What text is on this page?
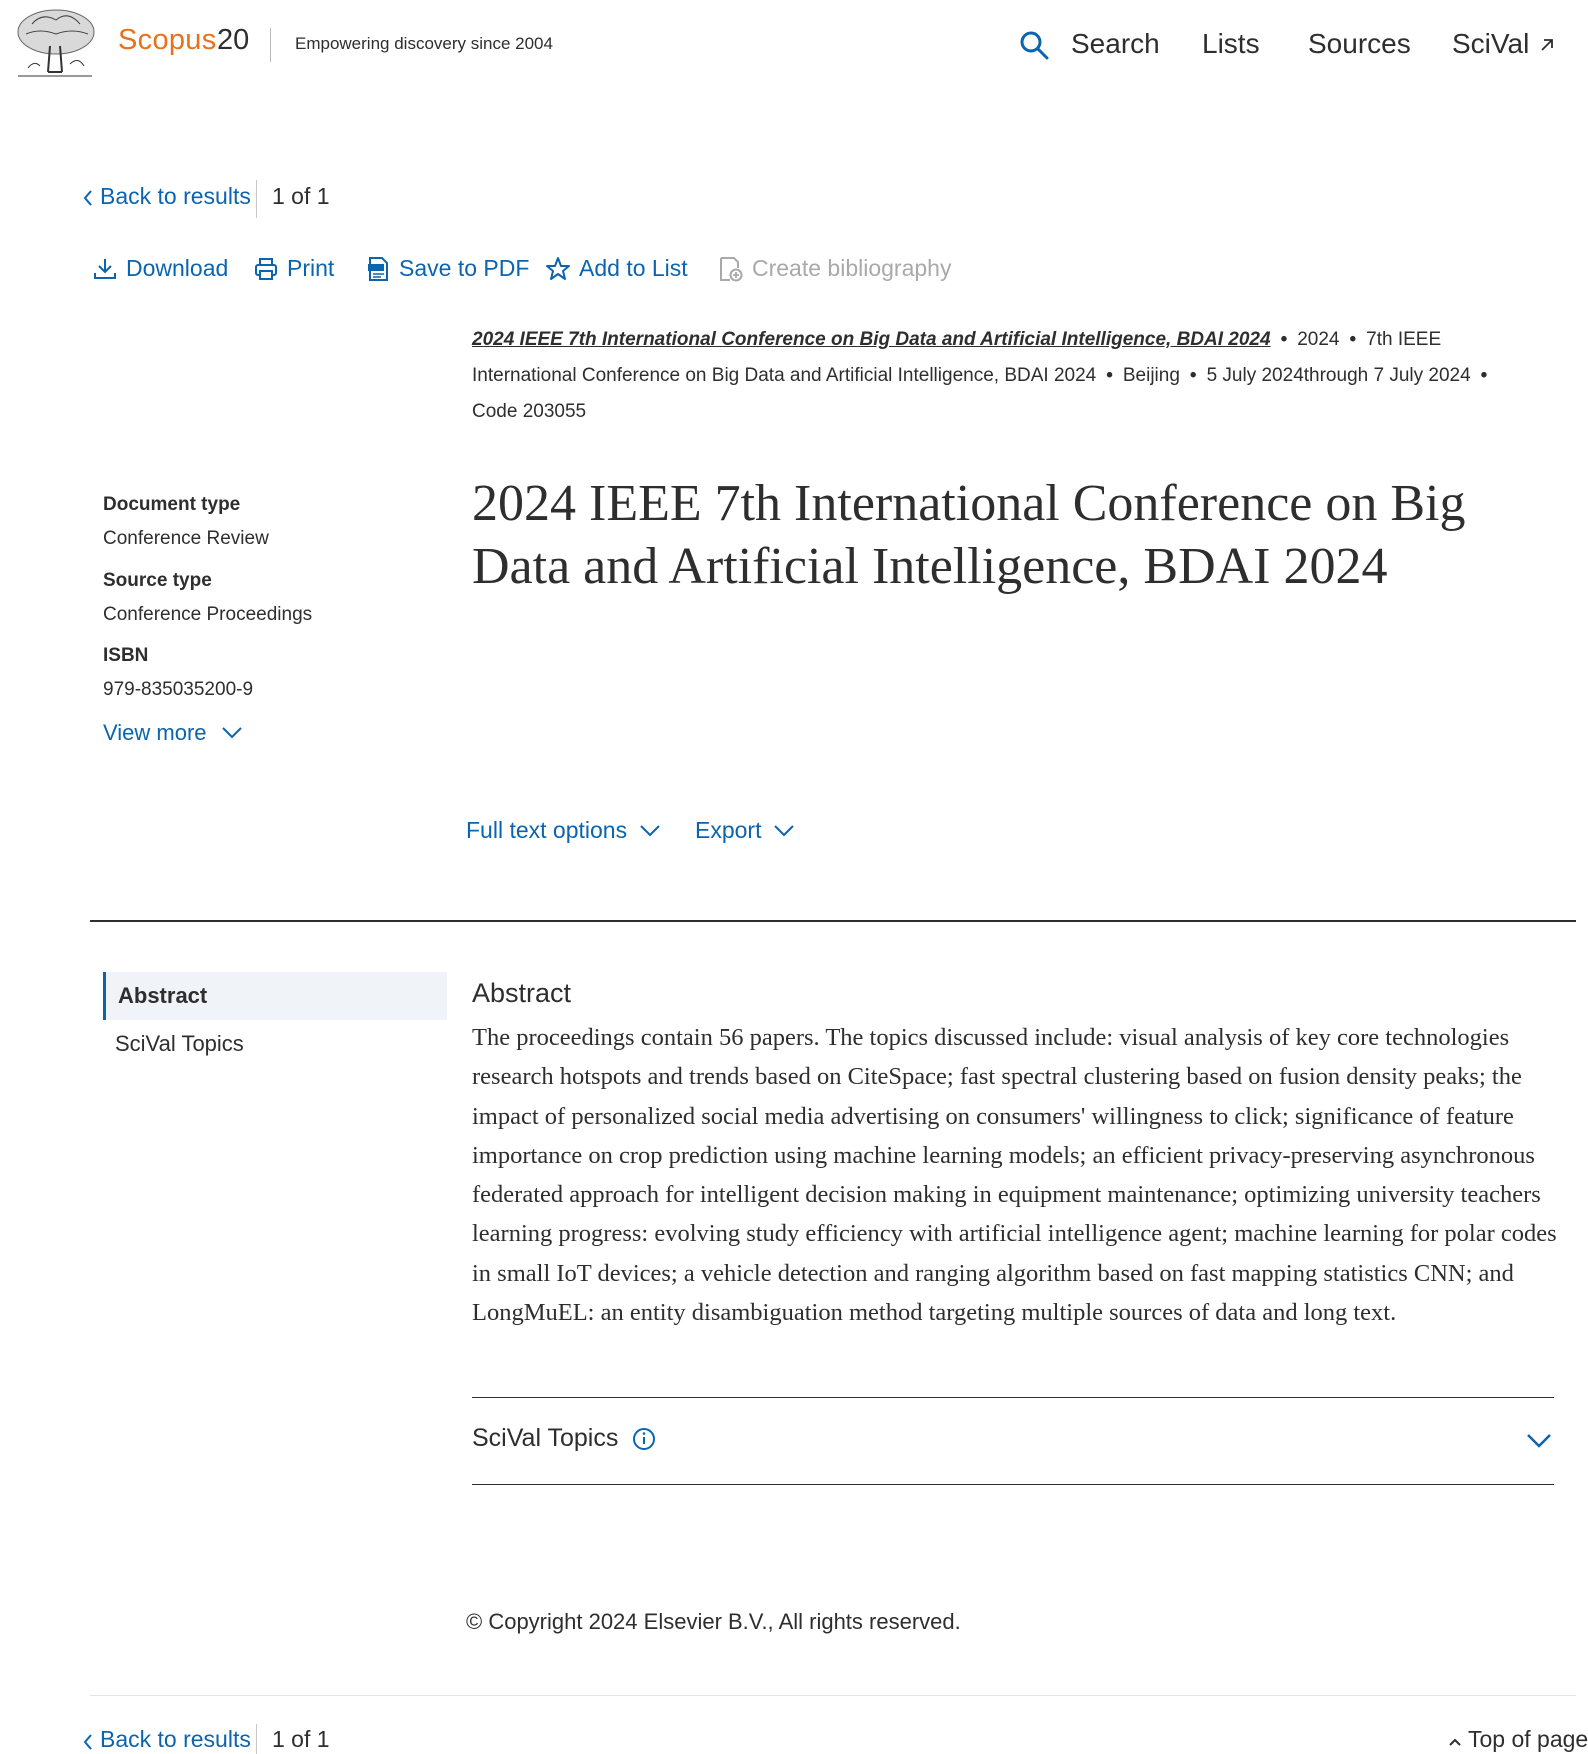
Scopus 20	Empowering discovery since 2004	Search Lists Sources SciVal
Back to results 1 of 1
Download	Print	Save to PDF Add to List	Create bibliography
2024 IEEE 7th International Conference on Big Data and Artificial Intelligence, BDAI 2024 • 2024 • 7th IEEE
International Conference on Big Data and Artificial Intelligence, BDAI 2024 • Beijing • 5 July 2024through 7 July 2024 •
Code 203055
2024 IEEE 7th International Conference on Big Data and Artificial Intelligence, BDAI 2024
Document type
Conference Review
Source type
Conference Proceedings
ISBN
979-835035200-9
View more
Full text options	Export
Abstract
SciVal Topics
Abstract

The proceedings contain 56 papers. The topics discussed include: visual analysis of key core technologies research hotspots and trends based on CiteSpace; fast spectral clustering based on fusion density peaks; the impact of personalized social media advertising on consumers' willingness to click; significance of feature importance on crop prediction using machine learning models; an efficient privacy-preserving asynchronous federated approach for intelligent decision making in equipment maintenance; optimizing university teachers learning progress: evolving study efficiency with artificial intelligence agent; machine learning for polar codes in small IoT devices; a vehicle detection and ranging algorithm based on fast mapping statistics CNN; and LongMuEL: an entity disambiguation method targeting multiple sources of data and long text.

SciVal Topics
© Copyright 2024 Elsevier B.V., All rights reserved.
Back to results 1 of 1	Top of page
